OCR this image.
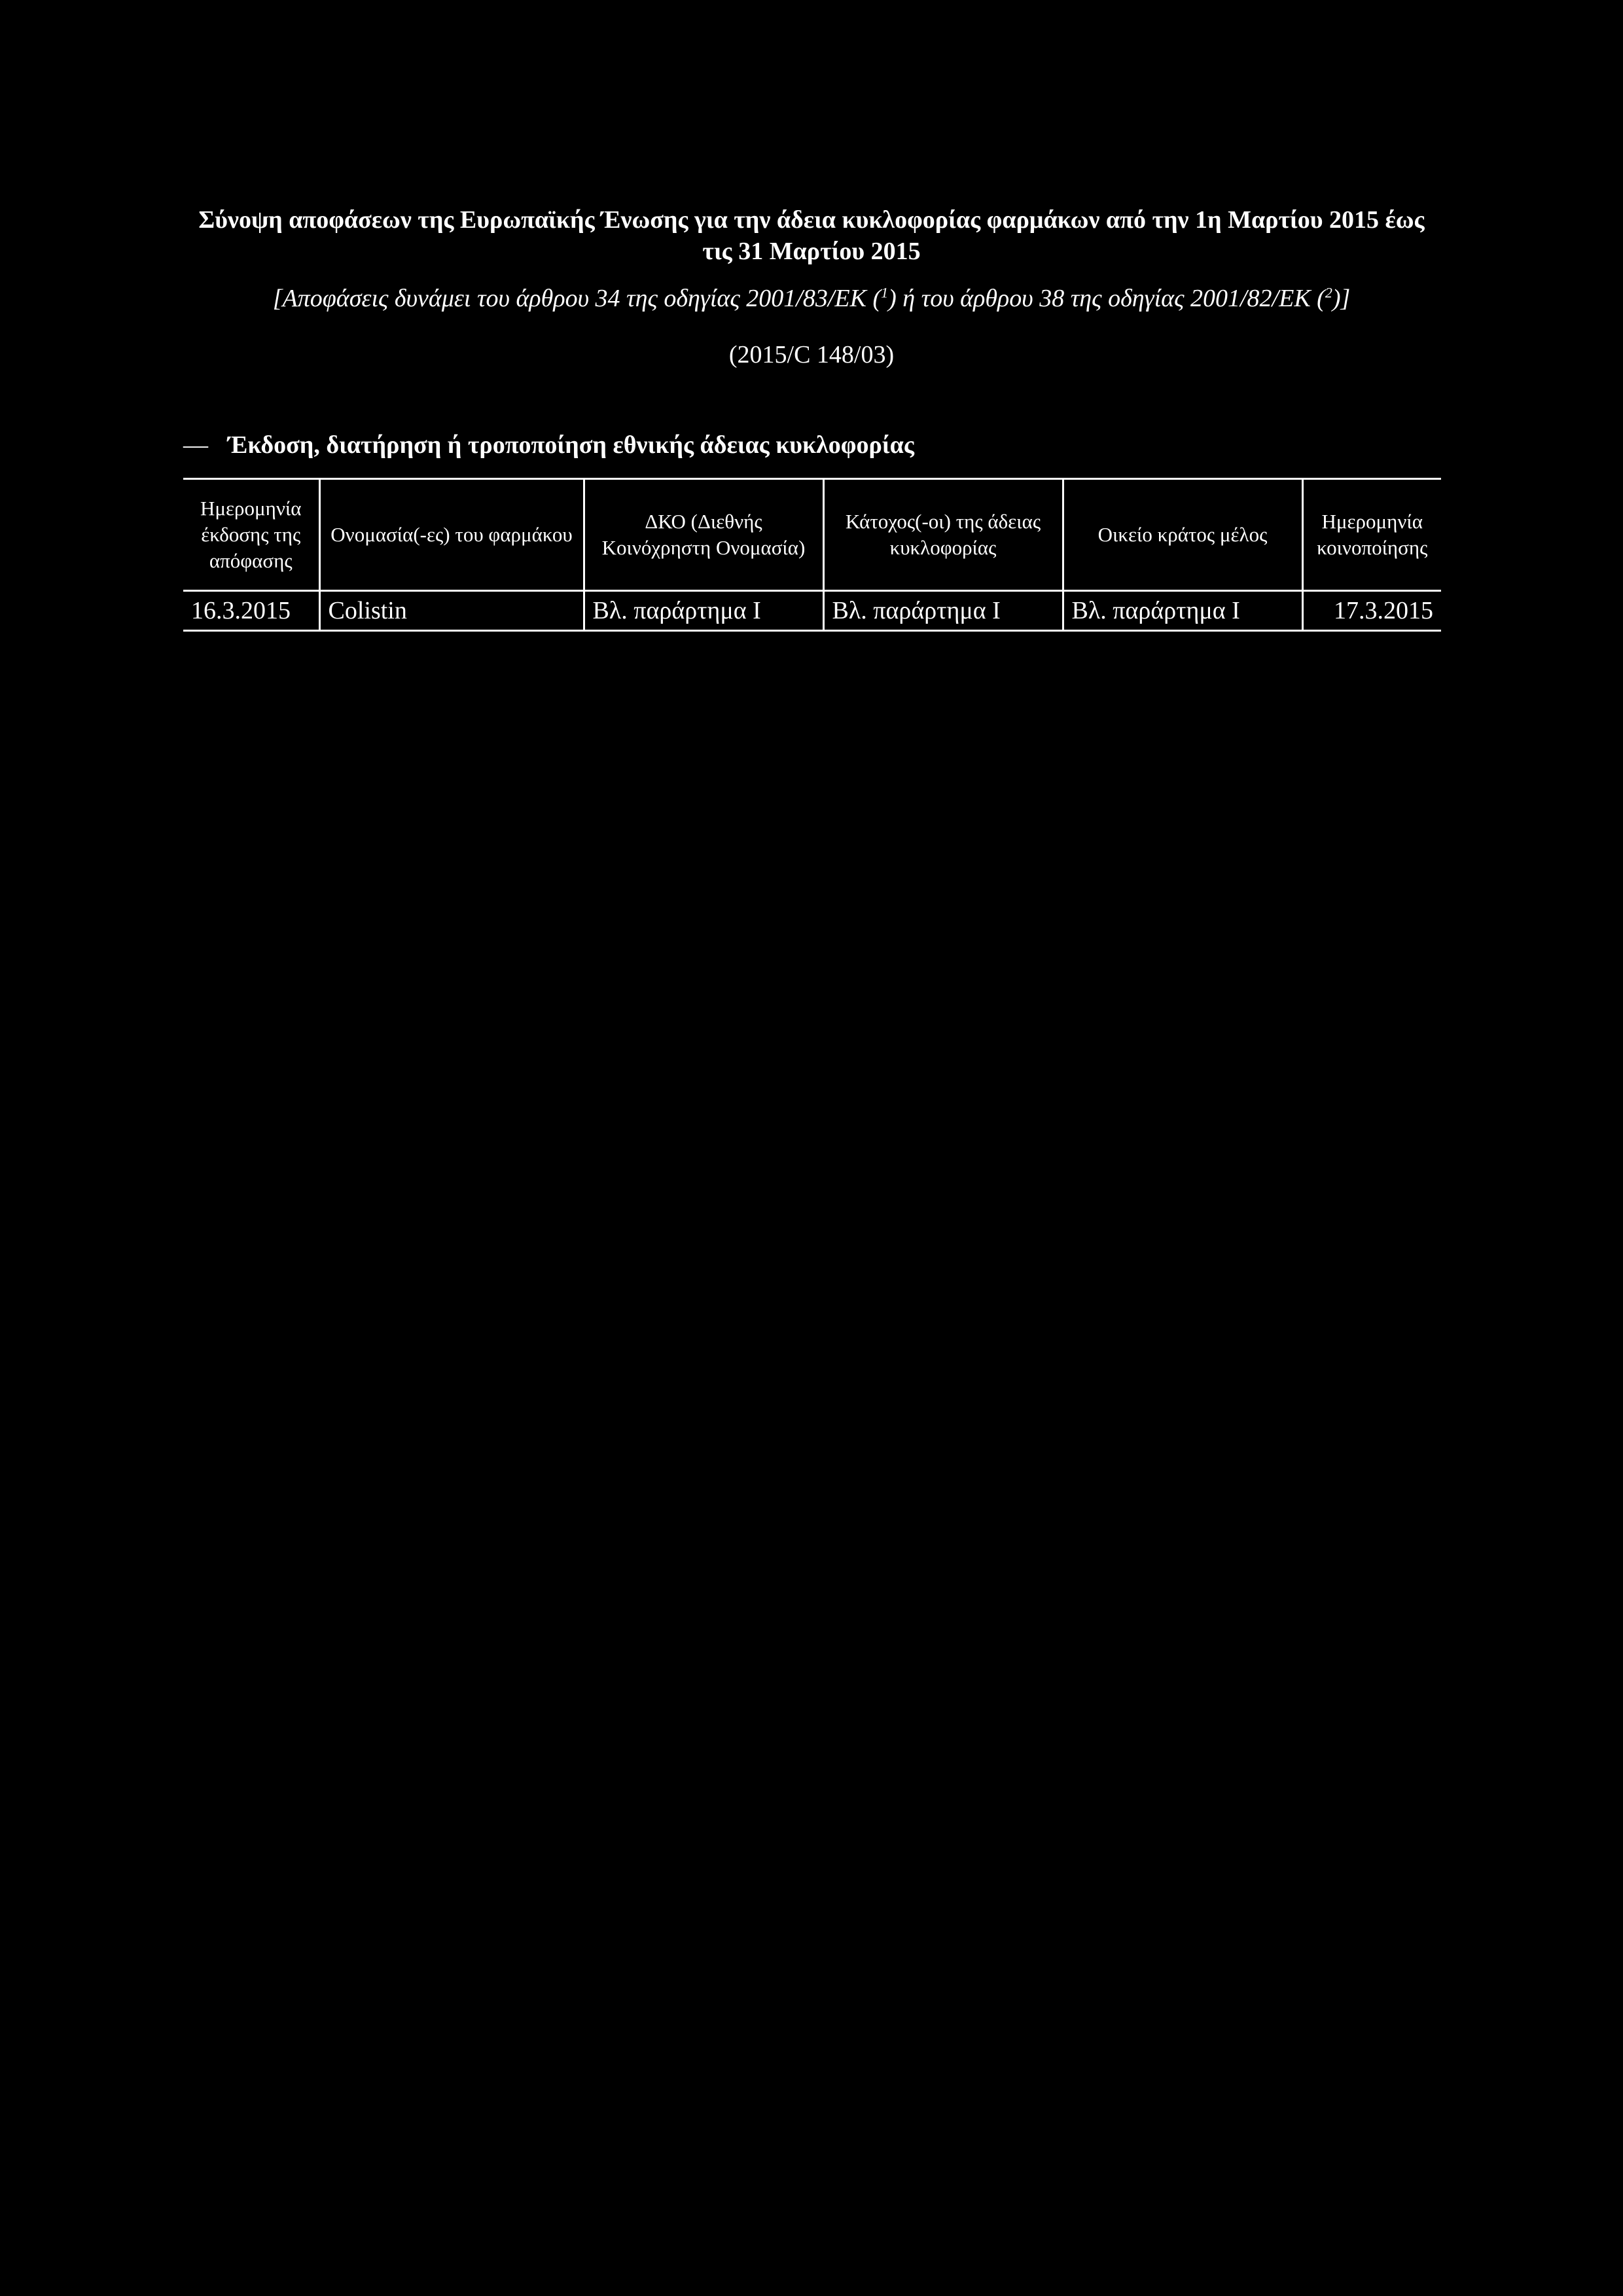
Σύνοψη αποφάσεων της Ευρωπαϊκής Ένωσης για την άδεια κυκλοφορίας φαρμάκων από την 1η Μαρτίου 2015 έως τις 31 Μαρτίου 2015
[Αποφάσεις δυνάμει του άρθρου 34 της οδηγίας 2001/83/ΕΚ ($^1$) ή του άρθρου 38 της οδηγίας 2001/82/ΕΚ ($^2$)]
(2015/C 148/03)
— Έκδοση, διατήρηση ή τροποποίηση εθνικής άδειας κυκλοφορίας
Ημερομηνία έκδοσης της απόφασης	Ονομασία(-ες) του φαρμάκου	ΔΚΟ (Διεθνής Κοινόχρηστη Ονομασία)	Κάτοχος(-οι) της άδειας κυκλοφορίας	Οικείο κράτος μέλος	Ημερομηνία κοινοποίησης
16.3.2015	Colistin	Βλ. παράρτημα I	Βλ. παράρτημα I	Βλ. παράρτημα I	17.3.2015
